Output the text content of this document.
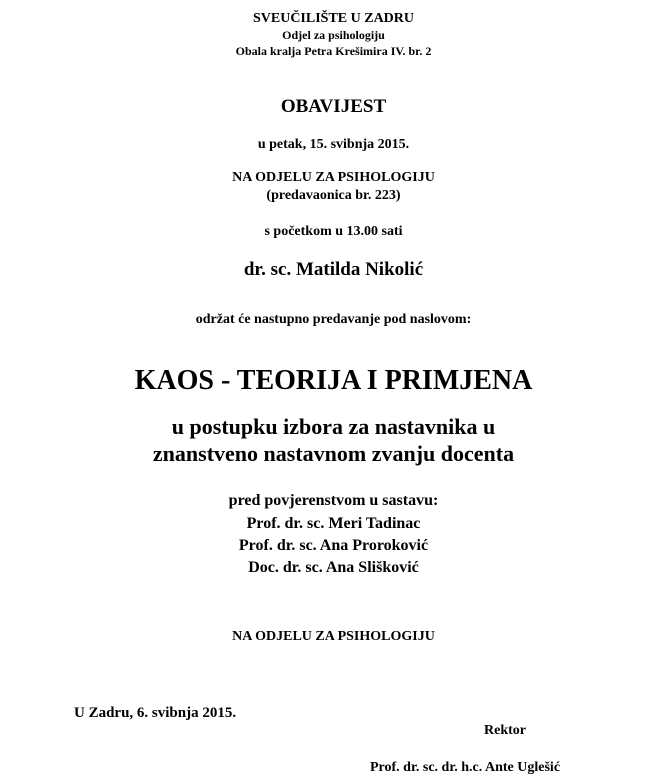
SVEUČILIŠTE U ZADRU
Odjel za psihologiju
Obala kralja Petra Krešimira IV. br. 2
OBAVIJEST
u petak, 15. svibnja 2015.
NA ODJELU ZA PSIHOLOGIJU
(predavaonica br. 223)
s početkom u 13.00 sati
dr. sc. Matilda Nikolić
održat će nastupno predavanje pod naslovom:
KAOS - TEORIJA I PRIMJENA
u postupku izbora za nastavnika u
znanstveno nastavnom zvanju docenta
pred povjerenstvom u sastavu:
Prof. dr. sc. Meri Tadinac
Prof. dr. sc. Ana Proroković
Doc. dr. sc. Ana Slišković
NA ODJELU ZA PSIHOLOGIJU
U Zadru, 6. svibnja 2015.
Rektor
Prof. dr. sc. dr. h.c. Ante Uglešić
